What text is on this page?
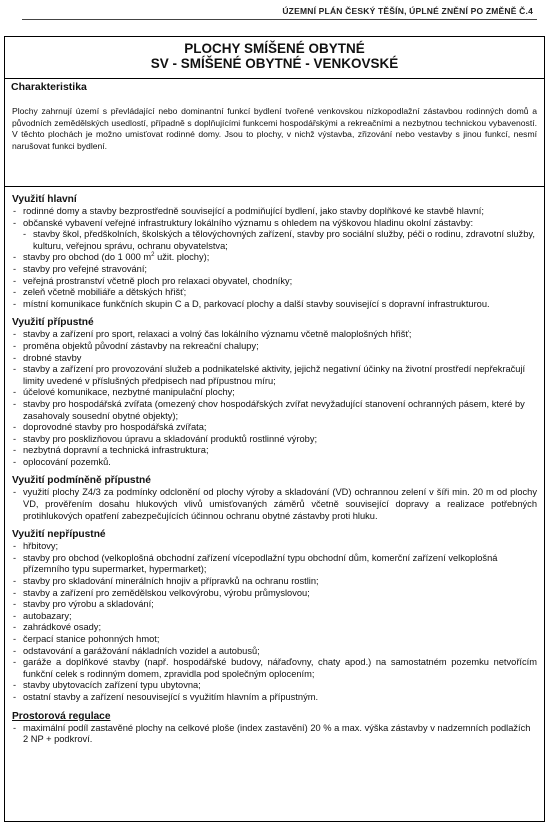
ÚZEMNÍ PLÁN ČESKÝ TĚŠÍN, ÚPLNÉ ZNĚNÍ PO ZMĚNĚ Č.4
PLOCHY SMÍŠENÉ OBYTNÉ
SV - SMÍŠENÉ OBYTNÉ - VENKOVSKÉ
Charakteristika

Plochy zahrnují území s převládající nebo dominantní funkcí bydlení tvořené venkovskou nízkopodlažní zástavbou rodinných domů a původních zemědělských usedlostí, případně s doplňujícími funkcemi hospodářskými a rekreačními a nezbytnou technickou vybaveností. V těchto plochách je možno umisťovat rodinné domy. Jsou to plochy, v nichž výstavba, zřizování nebo vestavby s jinou funkcí, nesmí narušovat funkci bydlení.

Využití hlavní
- rodinné domy a stavby bezprostředně související a podmiňující bydlení, jako stavby doplňkové ke stavbě hlavní;
- občanské vybavení veřejné infrastruktury lokálního významu s ohledem na výškovou hladinu okolní zástavby:
- stavby škol, předškolních, školských a tělovýchovných zařízení, stavby pro sociální služby, péči o rodinu, zdravotní služby, kulturu, veřejnou správu, ochranu obyvatelstva;
- stavby pro obchod (do 1 000 $m^2$ užit. plochy);
- stavby pro veřejné stravování;
- veřejná prostranství včetně ploch pro relaxaci obyvatel, chodníky;
- zeleň včetně mobiliáře a dětských hřišť;
- místní komunikace funkčních skupin C a D, parkovací plochy a další stavby související s dopravní infrastrukturou.
Využití přípustné
- stavby a zařízení pro sport, relaxaci a volný čas lokálního významu včetně maloplošných hřišť;
- proměna objektů původní zástavby na rekreační chalupy;
- drobné stavby
- stavby a zařízení pro provozování služeb a podnikatelské aktivity, jejichž negativní účinky na životní prostředí nepřekračují limity uvedené v příslušných předpisech nad přípustnou míru;
- účelové komunikace, nezbytné manipulační plochy;
- stavby pro hospodářská zvířata (omezený chov hospodářských zvířat nevyžadující stanovení ochranných pásem, které by zasahovaly sousední obytné objekty);
- doprovodné stavby pro hospodářská zvířata;
- stavby pro posklizňovou úpravu a skladování produktů rostlinné výroby;
- nezbytná dopravní a technická infrastruktura;
- oplocování pozemků.
Využití podmíněně přípustné
- využití plochy Z4/3 za podmínky odclonění od plochy výroby a skladování (VD) ochrannou zelení v šíři min. 20 m od plochy VD, prověřením dosahu hlukových vlivů umisťovaných záměrů včetně související dopravy a realizace potřebných protihlukových opatření zabezpečujících účinnou ochranu obytné zástavby proti hluku.
Využití nepřípustné
- hřbitovy;
- stavby pro obchod (velkoplošná obchodní zařízení vícepodlažní typu obchodní dům, komerční zařízení velkoplošná přízemního typu supermarket, hypermarket);
- stavby pro skladování minerálních hnojiv a přípravků na ochranu rostlin;
- stavby a zařízení pro zemědělskou velkovýrobu, výrobu průmyslovou;
- stavby pro výrobu a skladování;
- autobazary;
- zahrádkové osady;
- čerpací stanice pohonných hmot;
- odstavování a garážování nákladních vozidel a autobusů;
- garáže a doplňkové stavby (např. hospodářské budovy, nářaďovny, chaty apod.) na samostatném pozemku netvořícím funkční celek s rodinným domem, zpravidla pod společným oplocením;
- stavby ubytovacích zařízení typu ubytovna;
- ostatní stavby a zařízení nesouvisející s využitím hlavním a přípustným.
Prostorová regulace
- maximální podíl zastavěné plochy na celkové ploše (index zastavění) 20 % a max. výška zástavby v nadzemních podlažích 2 NP + podkroví.
